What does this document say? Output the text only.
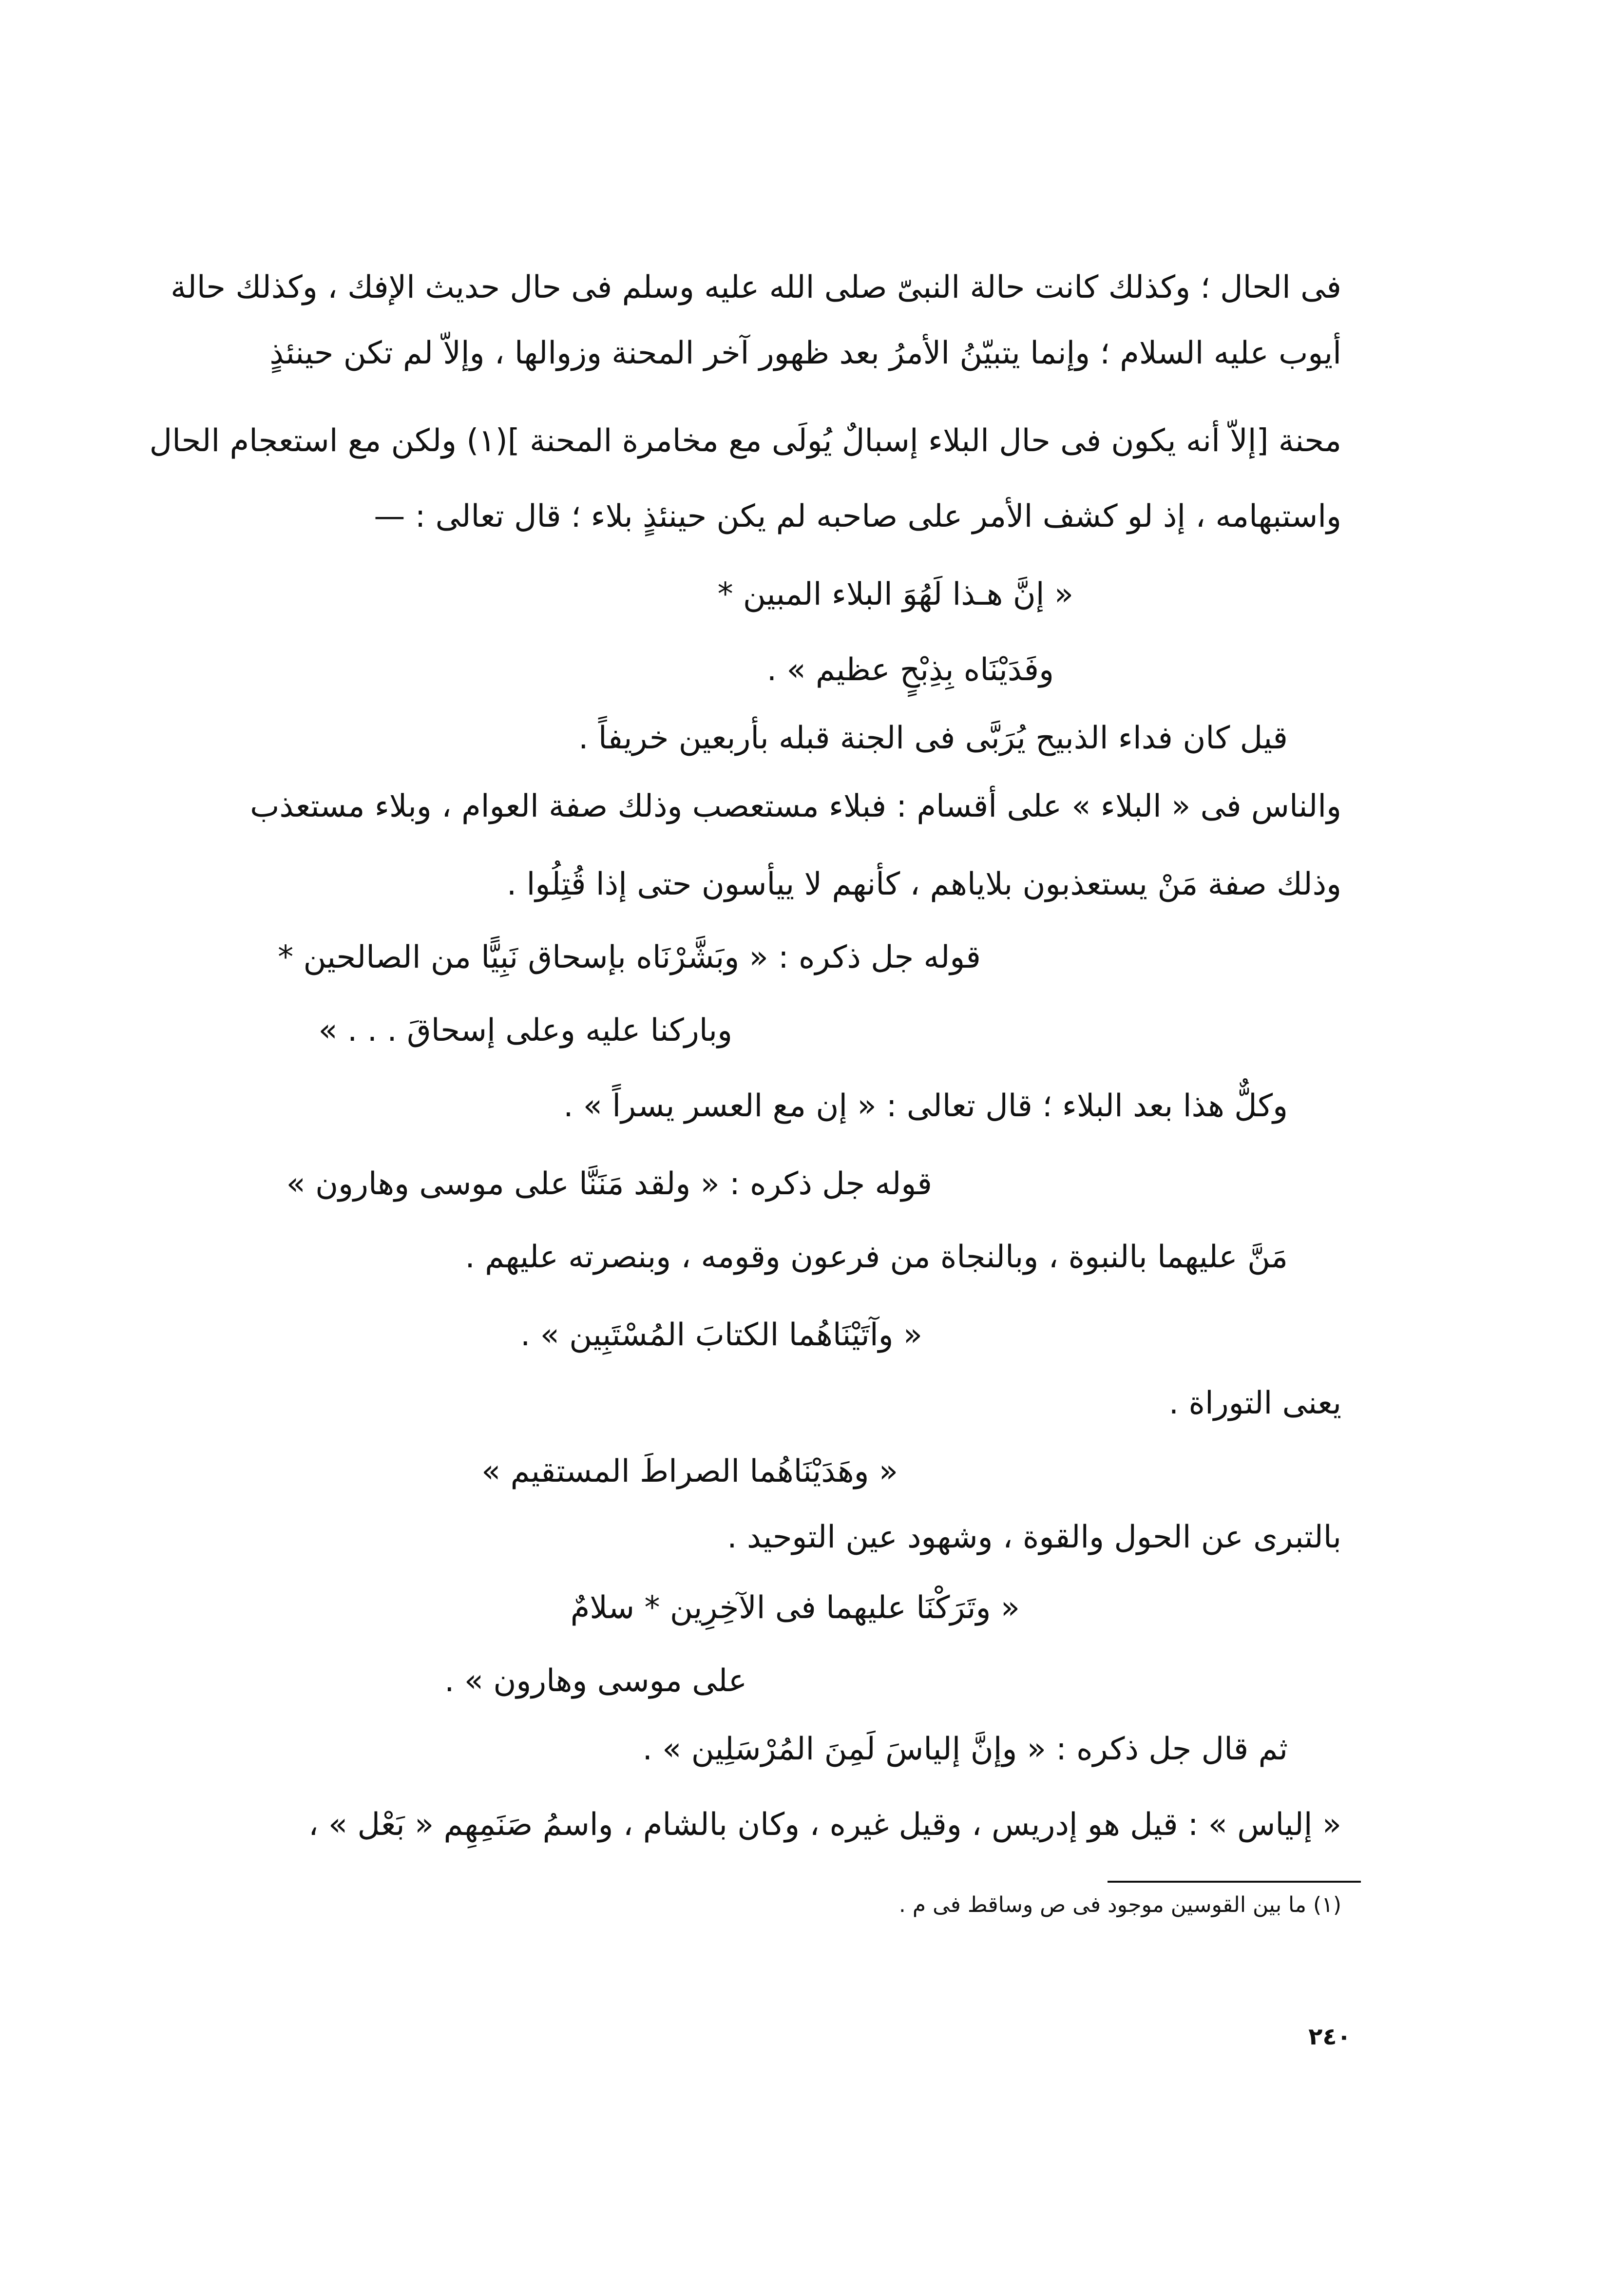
فى الحال ؛ وكذلك كانت حالة النبىّ صلى الله عليه وسلم فى حال حديث الإفك ، وكذلك حالة
أيوب عليه السلام ؛ وإنما يتبيّنُ الأمرُ بعد ظهور آخر المحنة وزوالها ، وإلاّ لم تكن حينئذٍ
محنة [إلاّ أنه يكون فى حال البلاء إسبالٌ يُولَى مع مخامرة المحنة ](١) ولكن مع استعجام الحال
واستبهامه ، إذ لو كشف الأمر على صاحبه لم يكن حينئذٍ بلاء ؛ قال تعالى : —
« إنَّ هـذا لَهُوَ البلاء المبين *
وفَدَيْنَاه بِذِبْحٍ عظيم » .
قيل كان فداء الذبيح يُرَبَّى فى الجنة قبله بأربعين خريفاً .
والناس فى « البلاء » على أقسام : فبلاء مستعصب وذلك صفة العوام ، وبلاء مستعذب
وذلك صفة مَنْ يستعذبون بلاياهم ، كأنهم لا ييأسون حتى إذا قُتِلُوا .
قوله جل ذكره : « وبَشَّرْنَاه بإسحاق نَبِيًّا من الصالحين *
وباركنا عليه وعلى إسحاقَ . . . »
وكلٌّ هذا بعد البلاء ؛ قال تعالى : « إن مع العسر يسراً » .
قوله جل ذكره : « ولقد مَنَنَّا على موسى وهارون »
مَنَّ عليهما بالنبوة ، وبالنجاة من فرعون وقومه ، وبنصرته عليهم .
« وآتَيْنَاهُما الكتابَ المُسْتَبِين » .
يعنى التوراة .
« وهَدَيْنَاهُما الصراطَ المستقيم »
بالتبرى عن الحول والقوة ، وشهود عين التوحيد .
« وتَرَكْنَا عليهما فى الآخِرِين * سلامٌ
على موسى وهارون » .
ثم قال جل ذكره : « وإنَّ إلياسَ لَمِنَ المُرْسَلِين » .
« إلياس » : قيل هو إدريس ، وقيل غيره ، وكان بالشام ، واسمُ صَنَمِهِم « بَعْل » ،
(١) ما بين القوسين موجود فى ص وساقط فى م .
٢٤٠
